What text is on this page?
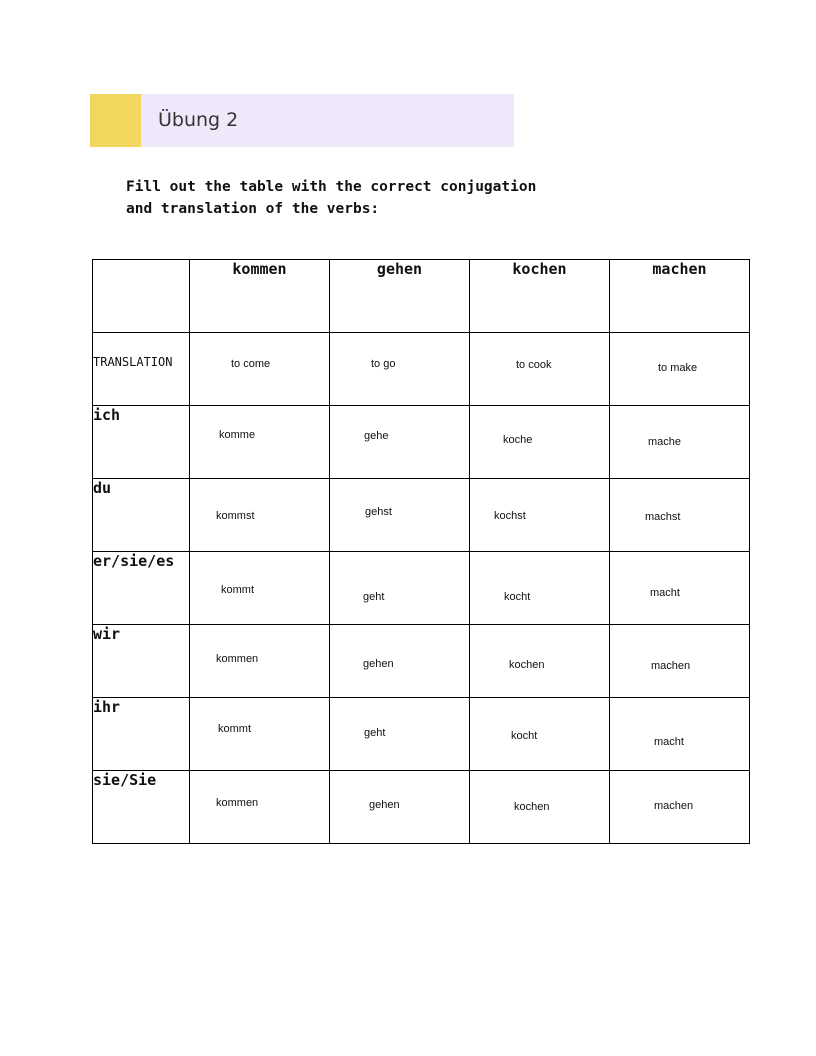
Übung 2
Fill out the table with the correct conjugation
and translation of the verbs:
	kommen	gehen	kochen	machen
TRANSLATION	to come	to go	to cook	to make

ich	komme	gehe	koche	mache

du	kommst	gehst	kochst	machst

er/sie/es	kommt	geht	kocht	macht

wir	kommen	gehen	kochen	machen

ihr	kommt	geht	kocht	macht

sie/Sie	kommen	gehen	kochen	machen
